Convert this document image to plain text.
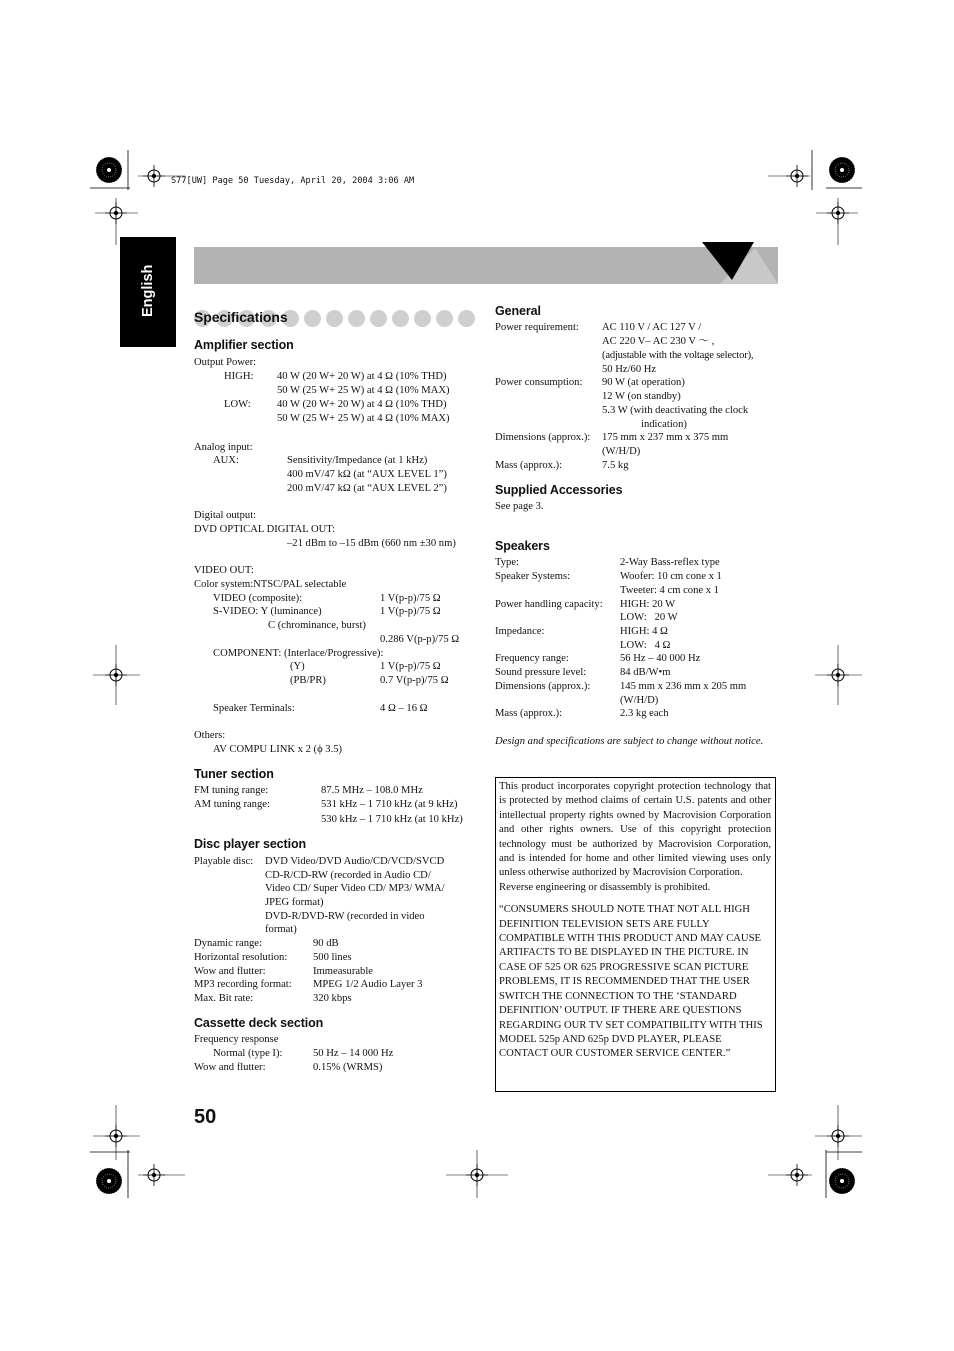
S77[UW] Page 50 Tuesday, April 20, 2004 3:06 AM
English	Specifications
Amplifier section
Output Power:
HIGH: 40 W (20 W+ 20 W) at 4 Ω (10% THD)
50 W (25 W+ 25 W) at 4 Ω (10% MAX)
LOW: 40 W (20 W+ 20 W) at 4 Ω (10% THD)
50 W (25 W+ 25 W) at 4 Ω (10% MAX)
Analog input:
AUX:	Sensitivity/Impedance (at 1 kHz)
400 mV/47 kΩ (at “AUX LEVEL 1”)
200 mV/47 kΩ (at “AUX LEVEL 2”)
Digital output:
DVD OPTICAL DIGITAL OUT:
–21 dBm to –15 dBm (660 nm ±30 nm)
VIDEO OUT:
Color system:NTSC/PAL selectable
VIDEO (composite):	1 V(p-p)/75 Ω
S-VIDEO: Y (luminance)	1 V(p-p)/75 Ω
C (chrominance, burst)
0.286 V(p-p)/75 Ω
COMPONENT: (Interlace/Progressive):
(Y)	1 V(p-p)/75 Ω
(PB/PR)	0.7 V(p-p)/75 Ω
Speaker Terminals:	4 Ω – 16 Ω
Others:
AV COMPU LINK x 2 (ϕ 3.5)
Tuner section
FM tuning range:	87.5 MHz – 108.0 MHz
AM tuning range:	531 kHz – 1 710 kHz (at 9 kHz)
530 kHz – 1 710 kHz (at 10 kHz)
Disc player section
Playable disc: DVD Video/DVD Audio/CD/VCD/SVCD
CD-R/CD-RW (recorded in Audio CD/
Video CD/ Super Video CD/ MP3/ WMA/
JPEG format)
DVD-R/DVD-RW (recorded in video
format)
Dynamic range:	90 dB
Horizontal resolution: 500 lines
Wow and flutter:	Immeasurable
MP3 recording format: MPEG 1/2 Audio Layer 3
Max. Bit rate:	320 kbps
Cassette deck section
Frequency response
Normal (type I):	50 Hz – 14 000 Hz
Wow and flutter:	0.15% (WRMS)
50
General
Power requirement: AC 110 V / AC 127 V /
AC 220 V– AC 230 V ～ ,
(adjustable with the voltage selector),
50 Hz/60 Hz
Power consumption: 90 W (at operation)
12 W (on standby)
5.3 W (with deactivating the clock
indication)
Dimensions (approx.): 175 mm x 237 mm x 375 mm
(W/H/D)
Mass (approx.):	7.5 kg
Supplied Accessories
See page 3.
Speakers
Type:	2-Way Bass-reflex type
Speaker Systems:	Woofer: 10 cm cone x 1
Tweeter: 4 cm cone x 1
Power handling capacity: HIGH: 20 W
LOW:   20 W
Impedance:	HIGH: 4 Ω
LOW:   4 Ω
Frequency range:	56 Hz – 40 000 Hz
Sound pressure level:	84 dB/W•m
Dimensions (approx.):	145 mm x 236 mm x 205 mm
(W/H/D)
Mass (approx.):	2.3 kg each
Design and specifications are subject to change without notice.

This product incorporates copyright protection technology that is protected by method claims of certain U.S. patents and other intellectual property rights owned by Macrovision Corporation and other rights owners. Use of this copyright protection technology must be authorized by Macrovision Corporation, and is intended for home and other limited viewing uses only unless otherwise authorized by Macrovision Corporation.

Reverse engineering or disassembly is prohibited.

“CONSUMERS SHOULD NOTE THAT NOT ALL HIGH DEFINITION TELEVISION SETS ARE FULLY COMPATIBLE WITH THIS PRODUCT AND MAY CAUSE ARTIFACTS TO BE DISPLAYED IN THE PICTURE. IN CASE OF 525 OR 625 PROGRESSIVE SCAN PICTURE PROBLEMS, IT IS RECOMMENDED THAT THE USER SWITCH THE CONNECTION TO THE ‘STANDARD DEFINITION’ OUTPUT. IF THERE ARE QUESTIONS REGARDING OUR TV SET COMPATIBILITY WITH THIS MODEL 525p AND 625p DVD PLAYER, PLEASE CONTACT OUR CUSTOMER SERVICE CENTER.”
